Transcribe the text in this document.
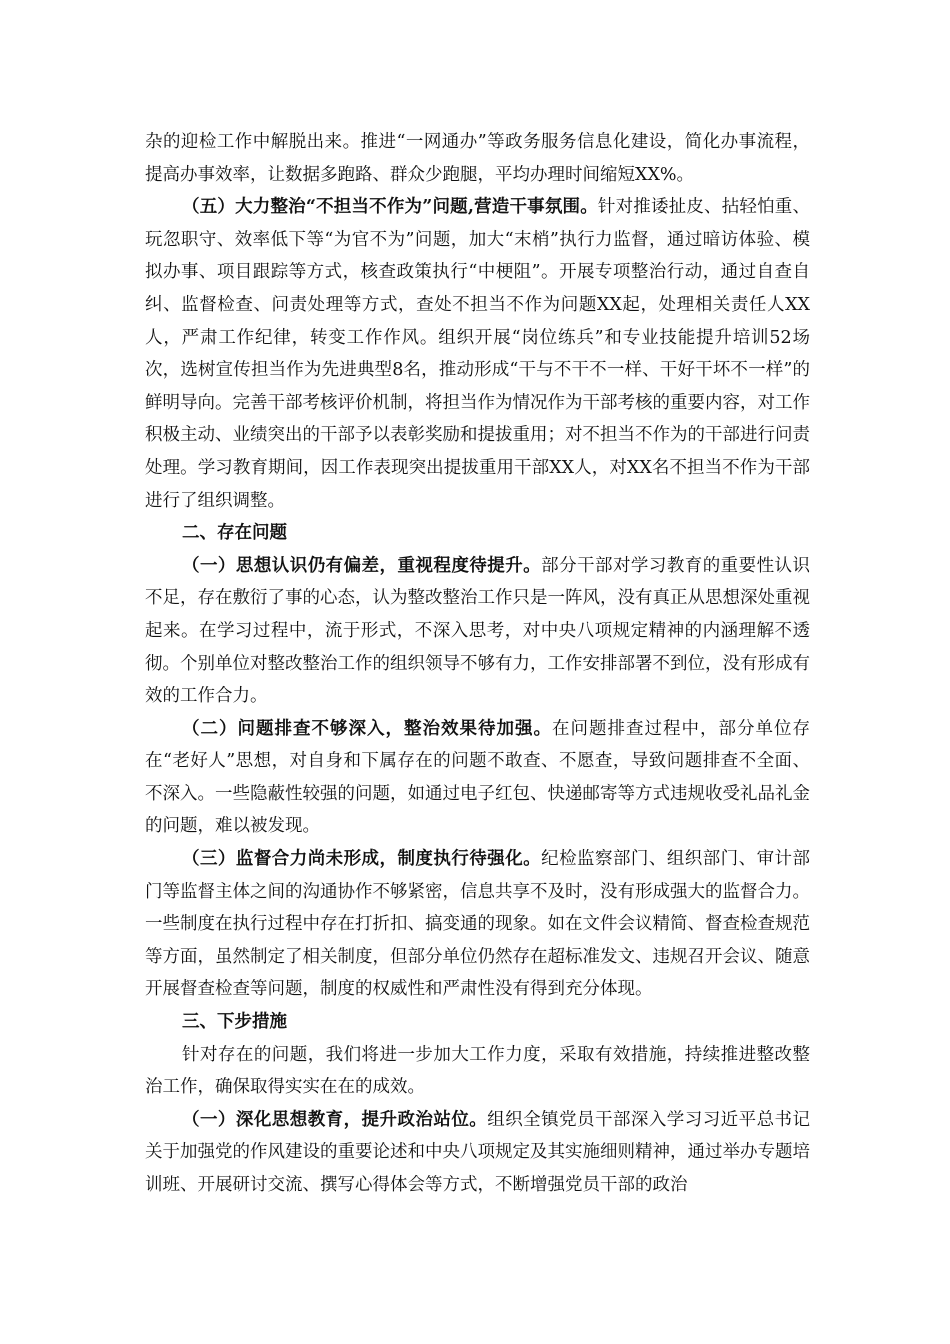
杂的迎检工作中解脱出来。推进“一网通办”等政务服务信息化建设，简化办事流程，提高办事效率，让数据多跑路、群众少跑腿，平均办理时间缩短XX%。

（五）大力整治“不担当不作为”问题,营造干事氛围。针对推诿扯皮、拈轻怕重、玩忽职守、效率低下等“为官不为”问题，加大“末梢”执行力监督，通过暗访体验、模拟办事、项目跟踪等方式，核查政策执行“中梗阻”。开展专项整治行动，通过自查自纠、监督检查、问责处理等方式，查处不担当不作为问题XX起，处理相关责任人XX人，严肃工作纪律，转变工作作风。组织开展“岗位练兵”和专业技能提升培训52场次，选树宣传担当作为先进典型8名，推动形成“干与不干不一样、干好干坏不一样”的鲜明导向。完善干部考核评价机制，将担当作为情况作为干部考核的重要内容，对工作积极主动、业绩突出的干部予以表彰奖励和提拔重用；对不担当不作为的干部进行问责处理。学习教育期间，因工作表现突出提拔重用干部XX人，对XX名不担当不作为干部进行了组织调整。

二、存在问题

（一）思想认识仍有偏差，重视程度待提升。部分干部对学习教育的重要性认识不足，存在敷衍了事的心态，认为整改整治工作只是一阵风，没有真正从思想深处重视起来。在学习过程中，流于形式，不深入思考，对中央八项规定精神的内涵理解不透彻。个别单位对整改整治工作的组织领导不够有力，工作安排部署不到位，没有形成有效的工作合力。

（二）问题排查不够深入，整治效果待加强。在问题排查过程中，部分单位存在“老好人”思想，对自身和下属存在的问题不敢查、不愿查，导致问题排查不全面、不深入。一些隐蔽性较强的问题，如通过电子红包、快递邮寄等方式违规收受礼品礼金的问题，难以被发现。

（三）监督合力尚未形成，制度执行待强化。纪检监察部门、组织部门、审计部门等监督主体之间的沟通协作不够紧密，信息共享不及时，没有形成强大的监督合力。一些制度在执行过程中存在打折扣、搞变通的现象。如在文件会议精简、督查检查规范等方面，虽然制定了相关制度，但部分单位仍然存在超标准发文、违规召开会议、随意开展督查检查等问题，制度的权威性和严肃性没有得到充分体现。

三、下步措施

针对存在的问题，我们将进一步加大工作力度，采取有效措施，持续推进整改整治工作，确保取得实实在在的成效。

（一）深化思想教育，提升政治站位。组织全镇党员干部深入学习习近平总书记关于加强党的作风建设的重要论述和中央八项规定及其实施细则精神，通过举办专题培训班、开展研讨交流、撰写心得体会等方式，不断增强党员干部的政治
